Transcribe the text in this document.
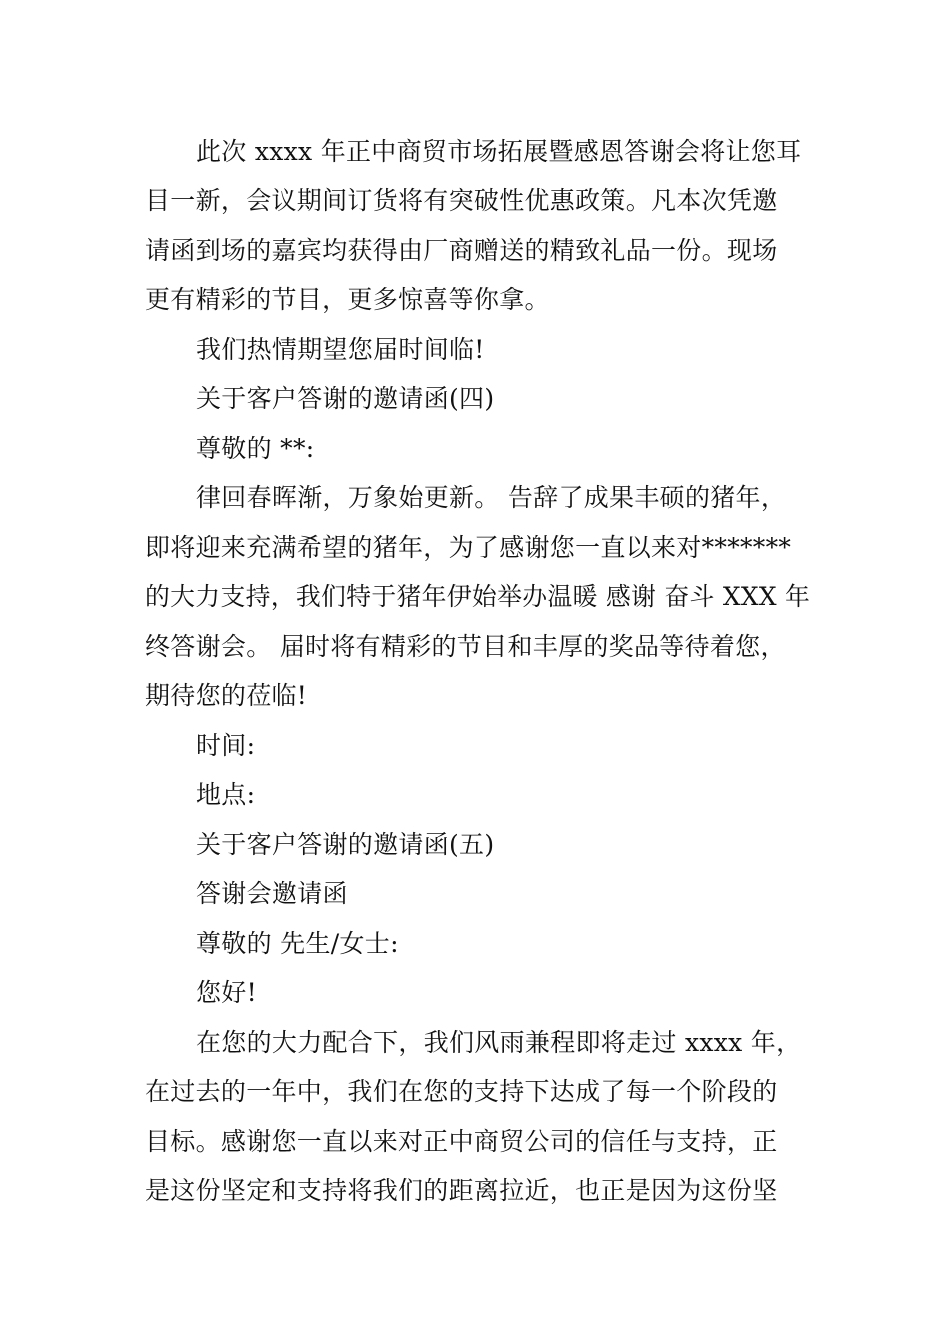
此次 xxxx 年正中商贸市场拓展暨感恩答谢会将让您耳
目一新，会议期间订货将有突破性优惠政策。凡本次凭邀
请函到场的嘉宾均获得由厂商赠送的精致礼品一份。现场
更有精彩的节目，更多惊喜等你拿。
我们热情期望您届时间临!
关于客户答谢的邀请函(四)
尊敬的 **:
律回春晖渐，万象始更新。 告辞了成果丰硕的猪年，
即将迎来充满希望的猪年，为了感谢您一直以来对*******
的大力支持，我们特于猪年伊始举办温暖 感谢 奋斗 XXX 年
终答谢会。 届时将有精彩的节目和丰厚的奖品等待着您，
期待您的莅临!
时间:
地点:
关于客户答谢的邀请函(五)
答谢会邀请函
尊敬的 先生/女士:
您好!
在您的大力配合下，我们风雨兼程即将走过 xxxx 年，
在过去的一年中，我们在您的支持下达成了每一个阶段的
目标。感谢您一直以来对正中商贸公司的信任与支持，正
是这份坚定和支持将我们的距离拉近，也正是因为这份坚
